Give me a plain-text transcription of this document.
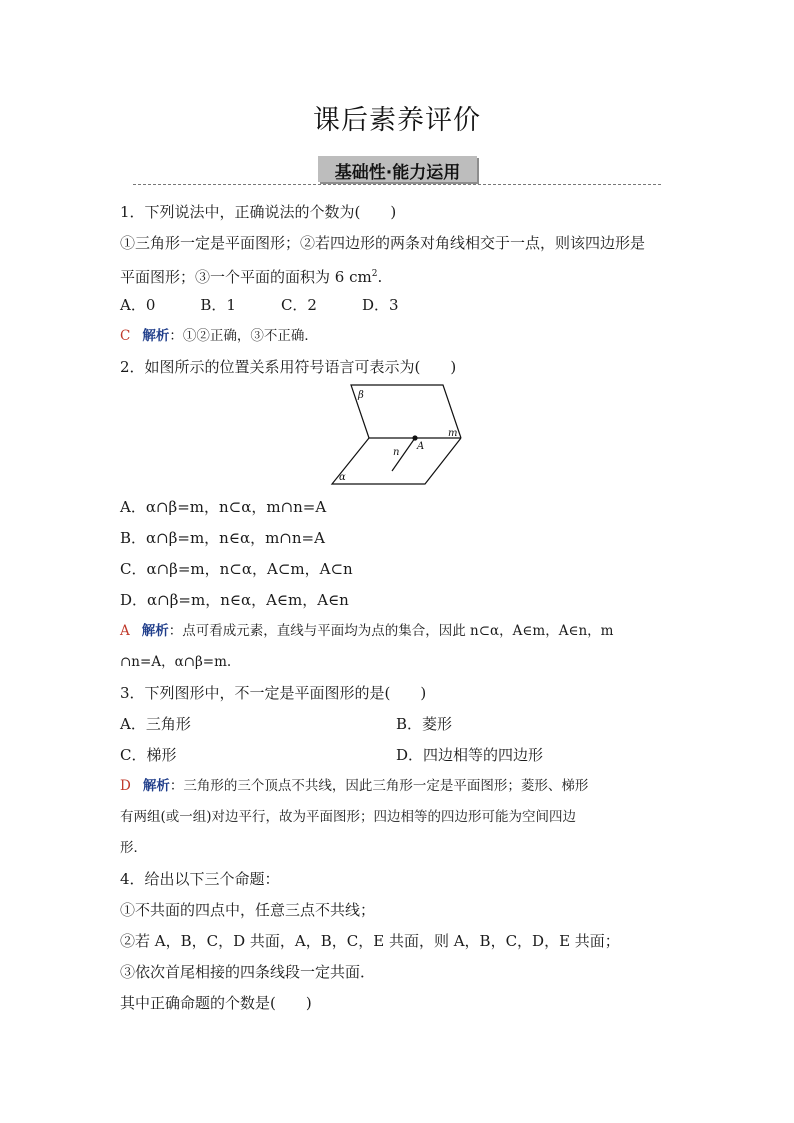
课后素养评价
基础性·能力运用
1．下列说法中，正确说法的个数为(　　)
①三角形一定是平面图形；②若四边形的两条对角线相交于一点，则该四边形是
平面图形；③一个平面的面积为 6 $cm^2$.
A．0　　　B．1　　　C．2　　　D．3
C 解析：①②正确，③不正确．
2．如图所示的位置关系用符号语言可表示为(　　)
β
α
m
n
A
A．α∩β=m，n⊂α，m∩n=A
B．α∩β=m，n∈α，m∩n=A
C．α∩β=m，n⊂α，A⊂m，A⊂n
D．α∩β=m，n∈α，A∈m，A∈n
A 解析：点可看成元素，直线与平面均为点的集合，因此 n⊂α，A∈m，A∈n，m
∩n=A，α∩β=m.
3．下列图形中，不一定是平面图形的是(　　)
A．三角形	B．菱形
C．梯形	D．四边相等的四边形
D 解析：三角形的三个顶点不共线，因此三角形一定是平面图形；菱形、梯形
有两组(或一组)对边平行，故为平面图形；四边相等的四边形可能为空间四边
形．
4．给出以下三个命题：
①不共面的四点中，任意三点不共线；
②若 A，B，C，D 共面，A，B，C，E 共面，则 A，B，C，D，E 共面；
③依次首尾相接的四条线段一定共面．
其中正确命题的个数是(　　)
